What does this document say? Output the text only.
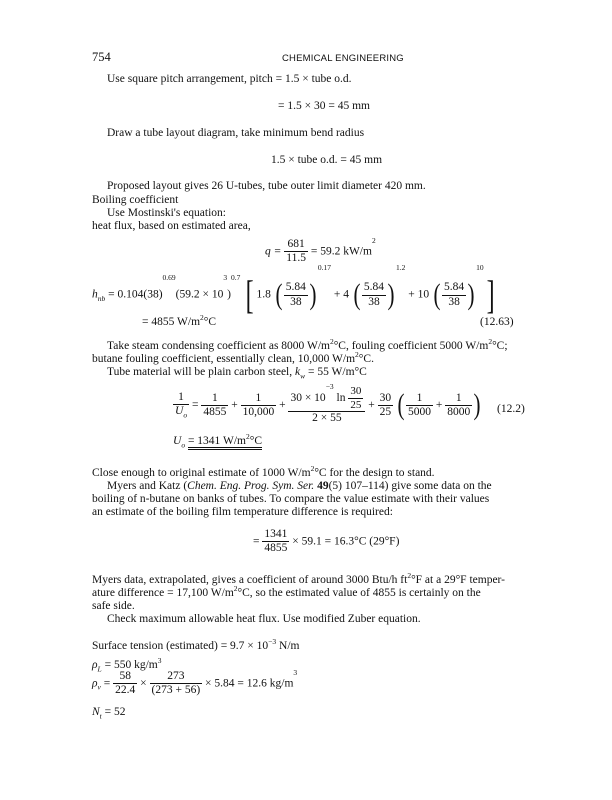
754	CHEMICAL ENGINEERING
Use square pitch arrangement, pitch = 1.5 × tube o.d.
= 1.5 × 30 = 45 mm
Draw a tube layout diagram, take minimum bend radius
1.5 × tube o.d. = 45 mm
Proposed layout gives 26 U-tubes, tube outer limit diameter 420 mm.
Boiling coefficient
Use Mostinski's equation:
heat flux, based on estimated area,
$q = \frac{681}{11.5} = 59.2$ $kW/m^2$
$h_{nb} = 0.104(38)^{0.69}(59.2 \times 10^3)^{0.7}$ [ 1.8 ( $\frac{5.84}{38} )^{0.17} + 4$ ( $\frac{5.84}{38} )^{1.2} + 10$ ( $\frac{5.84}{38} )^{10}$]
= 4855 $W/m^2^\circ C$	(12.63)
Take steam condensing coefficient as 8000 $W/m^2^\circ C$, fouling coefficient 5000 $W/m^2^\circ C$;
butane fouling coefficient, essentially clean, 10,000 $W/m^2^\circ C$.
Tube material will be plain carbon steel, $k_w = 55$ W/m°C
$\frac{1}{U_o} = \frac{1}{4855} + \frac{1}{10,000} + \frac{30 \times 10^{-3} \ln \frac{30}{25}}{2 \times 55} + \frac{30}{25}$ ( $\frac{1}{5000} + \frac{1}{8000}$ ) (12.2)
$U_o = 1341$ $W/m^2^\circ C$
Close enough to original estimate of 1000 $W/m^2^\circ C$ for the design to stand.
Myers and Katz (Chem. Eng. Prog. Sym. Ser. 49(5) 107–114) give some data on the
boiling of n-butane on banks of tubes. To compare the value estimate with their values
an estimate of the boiling film temperature difference is required:
= $\frac{1341}{4855} \times 59.1 = 16.3^\circ C$ (29°F)
Myers data, extrapolated, gives a coefficient of around 3000 Btu/h $ft^2^\circ F$ at a 29°F temper-
ature difference = 17,100 $W/m^2^\circ C$, so the estimated value of 4855 is certainly on the
safe side.
Check maximum allowable heat flux. Use modified Zuber equation.
Surface tension (estimated) = $9.7 \times 10^{-3}$ N/m
$\rho_L = 550$ $kg/m^3$
$\rho_v = \frac{58}{22.4} \times \frac{273}{(273 + 56)} \times 5.84 = 12.6$ $kg/m^3$
$N_t = 52$
